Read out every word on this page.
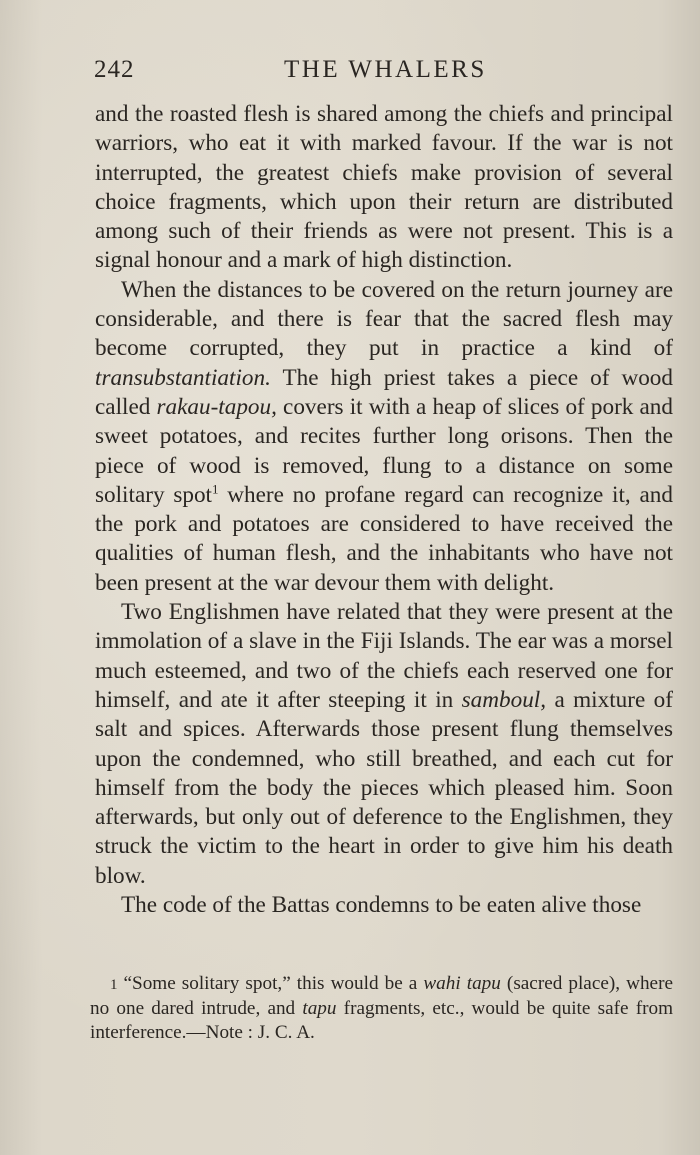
242	THE WHALERS

and the roasted flesh is shared among the chiefs and principal warriors, who eat it with marked favour. If the war is not interrupted, the greatest chiefs make provision of several choice fragments, which upon their return are distributed among such of their friends as were not present. This is a signal honour and a mark of high distinction.

When the distances to be covered on the return journey are considerable, and there is fear that the sacred flesh may become corrupted, they put in practice a kind of transubstantiation. The high priest takes a piece of wood called rakau-tapou, covers it with a heap of slices of pork and sweet potatoes, and recites further long orisons. Then the piece of wood is removed, flung to a distance on some solitary spot$^1$ where no profane regard can recognize it, and the pork and potatoes are considered to have received the qualities of human flesh, and the inhabitants who have not been present at the war devour them with delight.

Two Englishmen have related that they were present at the immolation of a slave in the Fiji Islands. The ear was a morsel much esteemed, and two of the chiefs each reserved one for himself, and ate it after steeping it in samboul, a mixture of salt and spices. Afterwards those present flung themselves upon the condemned, who still breathed, and each cut for himself from the body the pieces which pleased him. Soon afterwards, but only out of deference to the Englishmen, they struck the victim to the heart in order to give him his death blow.

The code of the Battas condemns to be eaten alive those

1 “Some solitary spot,” this would be a wahi tapu (sacred place), where no one dared intrude, and tapu fragments, etc., would be quite safe from interference.—Note : J. C. A.
